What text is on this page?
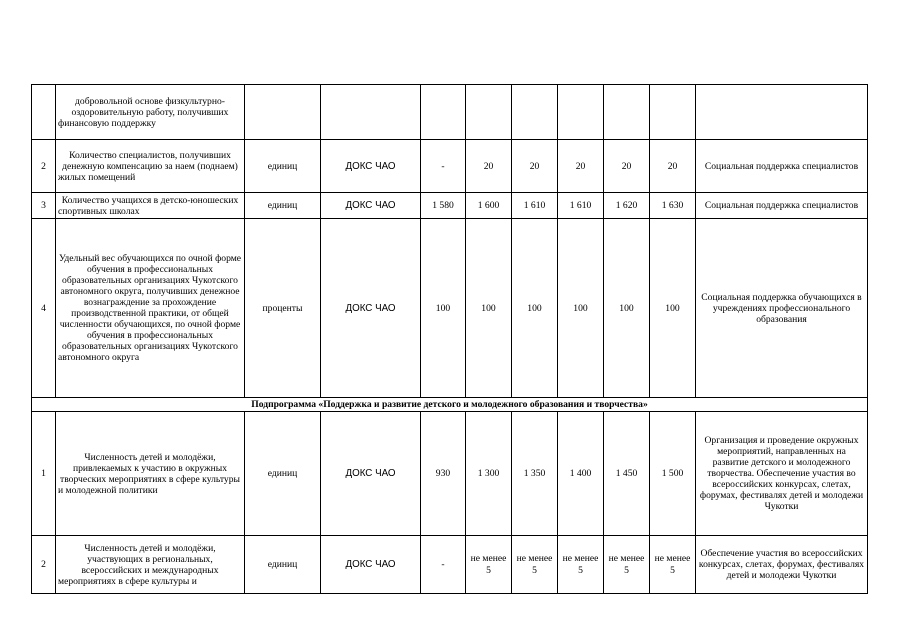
	добровольной основе физкультурно-оздоровительную работу, получивших финансовую поддержку									
2	Количество специалистов, получивших денежную компенсацию за наем (поднаем) жилых помещений	единиц	ДОКС ЧАО	-	20	20	20	20	20	Социальная поддержка специалистов
3	Количество учащихся в детско-юношеских спортивных школах	единиц	ДОКС ЧАО	1 580	1 600	1 610	1 610	1 620	1 630	Социальная поддержка специалистов
4	Удельный вес обучающихся по очной форме обучения в профессиональных образовательных организациях Чукотского автономного округа, получивших денежное вознаграждение за прохождение производственной практики, от общей численности обучающихся, по очной форме обучения в профессиональных образовательных организациях Чукотского автономного округа	проценты	ДОКС ЧАО	100	100	100	100	100	100	Социальная поддержка обучающихся в учреждениях профессионального образования
Подпрограмма «Поддержка и развитие детского и молодежного образования и творчества»										
1	Численность детей и молодёжи, привлекаемых к участию в окружных творческих мероприятиях в сфере культуры и молодежной политики	единиц	ДОКС ЧАО	930	1 300	1 350	1 400	1 450	1 500	Организация и проведение окружных мероприятий, направленных на развитие детского и молодежного творчества. Обеспечение участия во всероссийских конкурсах, слетах, форумах, фестивалях детей и молодежи Чукотки
2	Численность детей и молодёжи, участвующих в региональных, всероссийских и международных мероприятиях в сфере культуры и	единиц	ДОКС ЧАО	-	не менее 5	не менее 5	не менее 5	не менее 5	не менее 5	Обеспечение участия во всероссийских конкурсах, слетах, форумах, фестивалях детей и молодежи Чукотки
